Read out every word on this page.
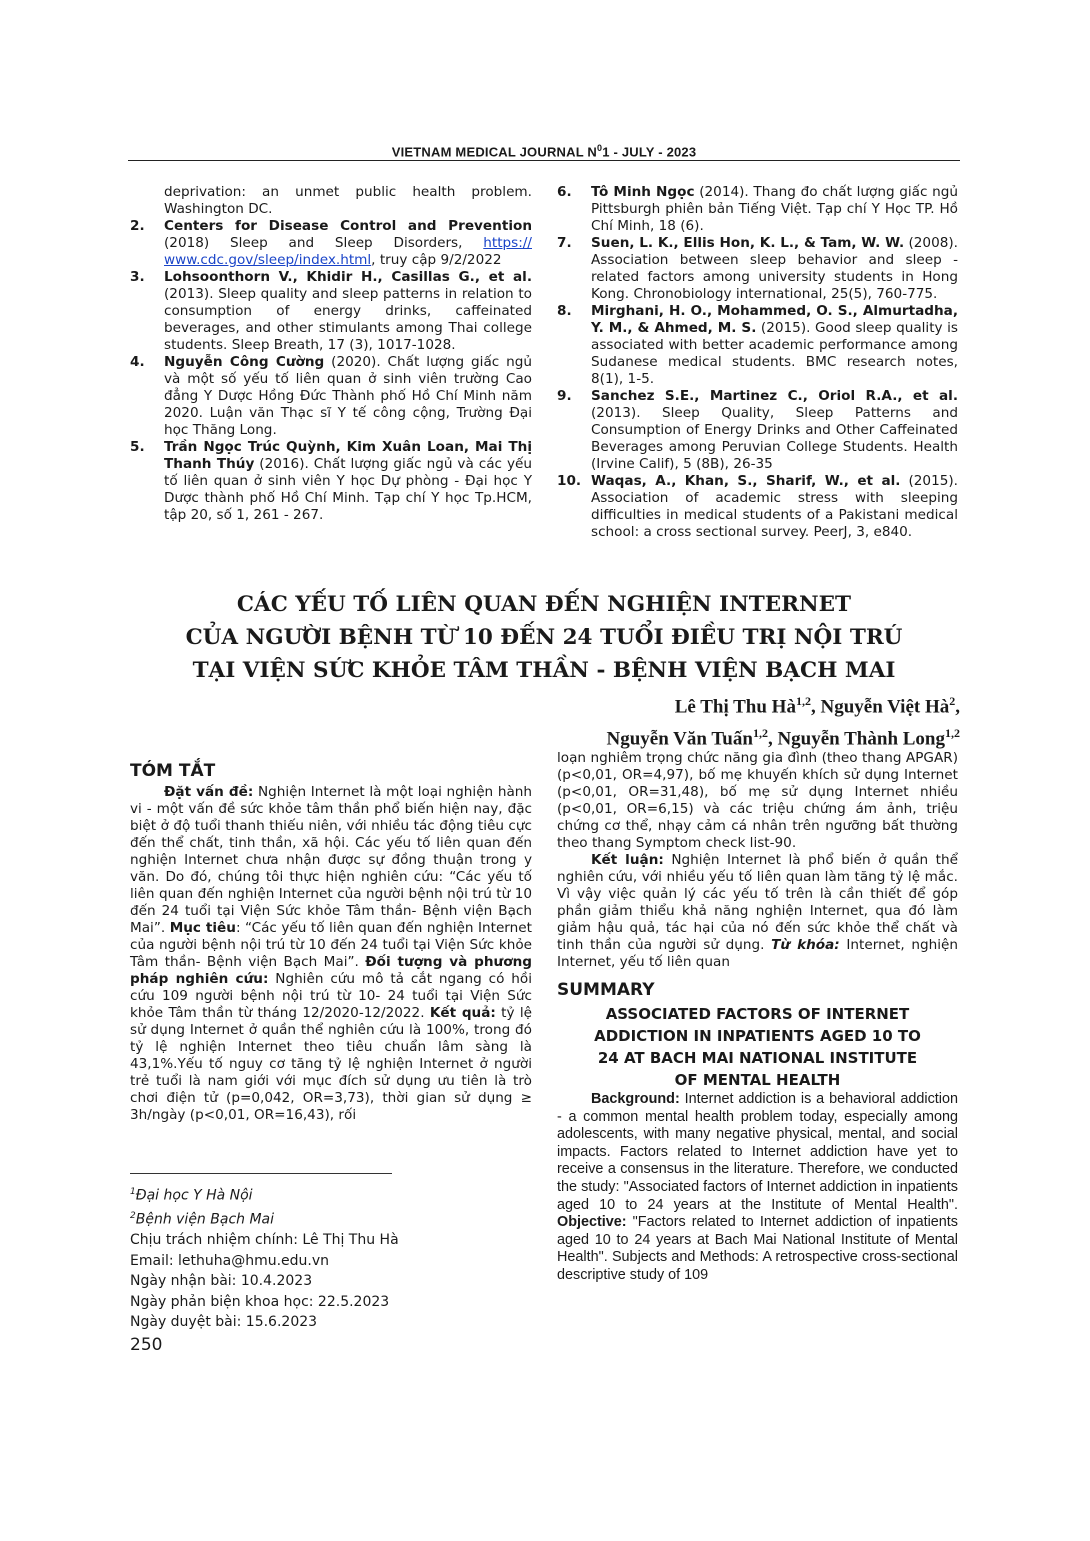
VIETNAM MEDICAL JOURNAL $N^01$ - JULY - 2023

deprivation: an unmet public health problem. Washington DC.

2. Centers for Disease Control and Prevention (2018) Sleep and Sleep Disorders, https:// www.cdc.gov/sleep/index.html, truy cập 9/2/2022

3. Lohsoonthorn V., Khidir H., Casillas G., et al. (2013). Sleep quality and sleep patterns in relation to consumption of energy drinks, caffeinated beverages, and other stimulants among Thai college students. Sleep Breath, 17 (3), 1017-1028.

4. Nguyễn Công Cường (2020). Chất lượng giấc ngủ và một số yếu tố liên quan ở sinh viên trường Cao đẳng Y Dược Hồng Đức Thành phố Hồ Chí Minh năm 2020. Luận văn Thạc sĩ Y tế công cộng, Trường Đại học Thăng Long.

5. Trần Ngọc Trúc Quỳnh, Kim Xuân Loan, Mai Thị Thanh Thúy (2016). Chất lượng giấc ngủ và các yếu tố liên quan ở sinh viên Y học Dự phòng - Đại học Y Dược thành phố Hồ Chí Minh. Tạp chí Y học Tp.HCM, tập 20, số 1, 261 - 267.

6. Tô Minh Ngọc (2014). Thang đo chất lượng giấc ngủ Pittsburgh phiên bản Tiếng Việt. Tạp chí Y Học TP. Hồ Chí Minh, 18 (6).

7. Suen, L. K., Ellis Hon, K. L., & Tam, W. W. (2008). Association between sleep behavior and sleep - related factors among university students in Hong Kong. Chronobiology international, 25(5), 760-775.

8. Mirghani, H. O., Mohammed, O. S., Almurtadha, Y. M., & Ahmed, M. S. (2015). Good sleep quality is associated with better academic performance among Sudanese medical students. BMC research notes, 8(1), 1-5.

9. Sanchez S.E., Martinez C., Oriol R.A., et al. (2013). Sleep Quality, Sleep Patterns and Consumption of Energy Drinks and Other Caffeinated Beverages among Peruvian College Students. Health (Irvine Calif), 5 (8B), 26-35

10. Waqas, A., Khan, S., Sharif, W., et al. (2015). Association of academic stress with sleeping difficulties in medical students of a Pakistani medical school: a cross sectional survey. PeerJ, 3, e840.

CÁC YẾU TỐ LIÊN QUAN ĐẾN NGHIỆN INTERNET
CỦA NGƯỜI BỆNH TỪ 10 ĐẾN 24 TUỔI ĐIỀU TRỊ NỘI TRÚ
TẠI VIỆN SỨC KHỎE TÂM THẦN - BỆNH VIỆN BẠCH MAI
Lê Thị Thu Hà$^{1,2}$, Nguyễn Việt $Hà^2$,
Nguyễn Văn Tuấn$^{1,2}$, Nguyễn Thành Long$^{1,2}$
TÓM TẮT

Đặt vấn đề: Nghiện Internet là một loại nghiện hành vi - một vấn đề sức khỏe tâm thần phổ biến hiện nay, đặc biệt ở độ tuổi thanh thiếu niên, với nhiều tác động tiêu cực đến thể chất, tinh thần, xã hội. Các yếu tố liên quan đến nghiện Internet chưa nhận được sự đồng thuận trong y văn. Do đó, chúng tôi thực hiện nghiên cứu: “Các yếu tố liên quan đến nghiện Internet của người bệnh nội trú từ 10 đến 24 tuổi tại Viện Sức khỏe Tâm thần- Bệnh viện Bạch Mai”. Mục tiêu: “Các yếu tố liên quan đến nghiện Internet của người bệnh nội trú từ 10 đến 24 tuổi tại Viện Sức khỏe Tâm thần- Bệnh viện Bạch Mai”. Đối tượng và phương pháp nghiên cứu: Nghiên cứu mô tả cắt ngang có hồi cứu 109 người bệnh nội trú từ 10- 24 tuổi tại Viện Sức khỏe Tâm thần từ tháng 12/2020-12/2022. Kết quả: tỷ lệ sử dụng Internet ở quần thể nghiên cứu là 100%, trong đó tỷ lệ nghiện Internet theo tiêu chuẩn lâm sàng là 43,1%.Yếu tố nguy cơ tăng tỷ lệ nghiện Internet ở người trẻ tuổi là nam giới với mục đích sử dụng ưu tiên là trò chơi điện tử (p=0,042, OR=3,73), thời gian sử dụng ≥ 3h/ngày (p<0,01, OR=16,43), rối

$^1$Đại học Y Hà Nội
$^2$Bệnh viện Bạch Mai
Chịu trách nhiệm chính: Lê Thị Thu Hà
Email: lethuha@hmu.edu.vn
Ngày nhận bài: 10.4.2023
Ngày phản biện khoa học: 22.5.2023
Ngày duyệt bài: 15.6.2023
250

loạn nghiêm trọng chức năng gia đình (theo thang APGAR) (p<0,01, OR=4,97), bố mẹ khuyến khích sử dụng Internet (p<0,01, OR=31,48), bố mẹ sử dụng Internet nhiều (p<0,01, OR=6,15) và các triệu chứng ám ảnh, triệu chứng cơ thể, nhạy cảm cá nhân trên ngưỡng bất thường theo thang Symptom check list-90.

Kết luận: Nghiện Internet là phổ biến ở quần thể nghiên cứu, với nhiều yếu tố liên quan làm tăng tỷ lệ mắc. Vì vậy việc quản lý các yếu tố trên là cần thiết để góp phần giảm thiểu khả năng nghiện Internet, qua đó làm giảm hậu quả, tác hại của nó đến sức khỏe thể chất và tinh thần của người sử dụng. Từ khóa: Internet, nghiện Internet, yếu tố liên quan

SUMMARY
ASSOCIATED FACTORS OF INTERNET
ADDICTION IN INPATIENTS AGED 10 TO
24 AT BACH MAI NATIONAL INSTITUTE
OF MENTAL HEALTH

Background: Internet addiction is a behavioral addiction - a common mental health problem today, especially among adolescents, with many negative physical, mental, and social impacts. Factors related to Internet addiction have yet to receive a consensus in the literature. Therefore, we conducted the study: "Associated factors of Internet addiction in inpatients aged 10 to 24 years at the Institute of Mental Health". Objective: "Factors related to Internet addiction of inpatients aged 10 to 24 years at Bach Mai National Institute of Mental Health". Subjects and Methods: A retrospective cross-sectional descriptive study of 109
